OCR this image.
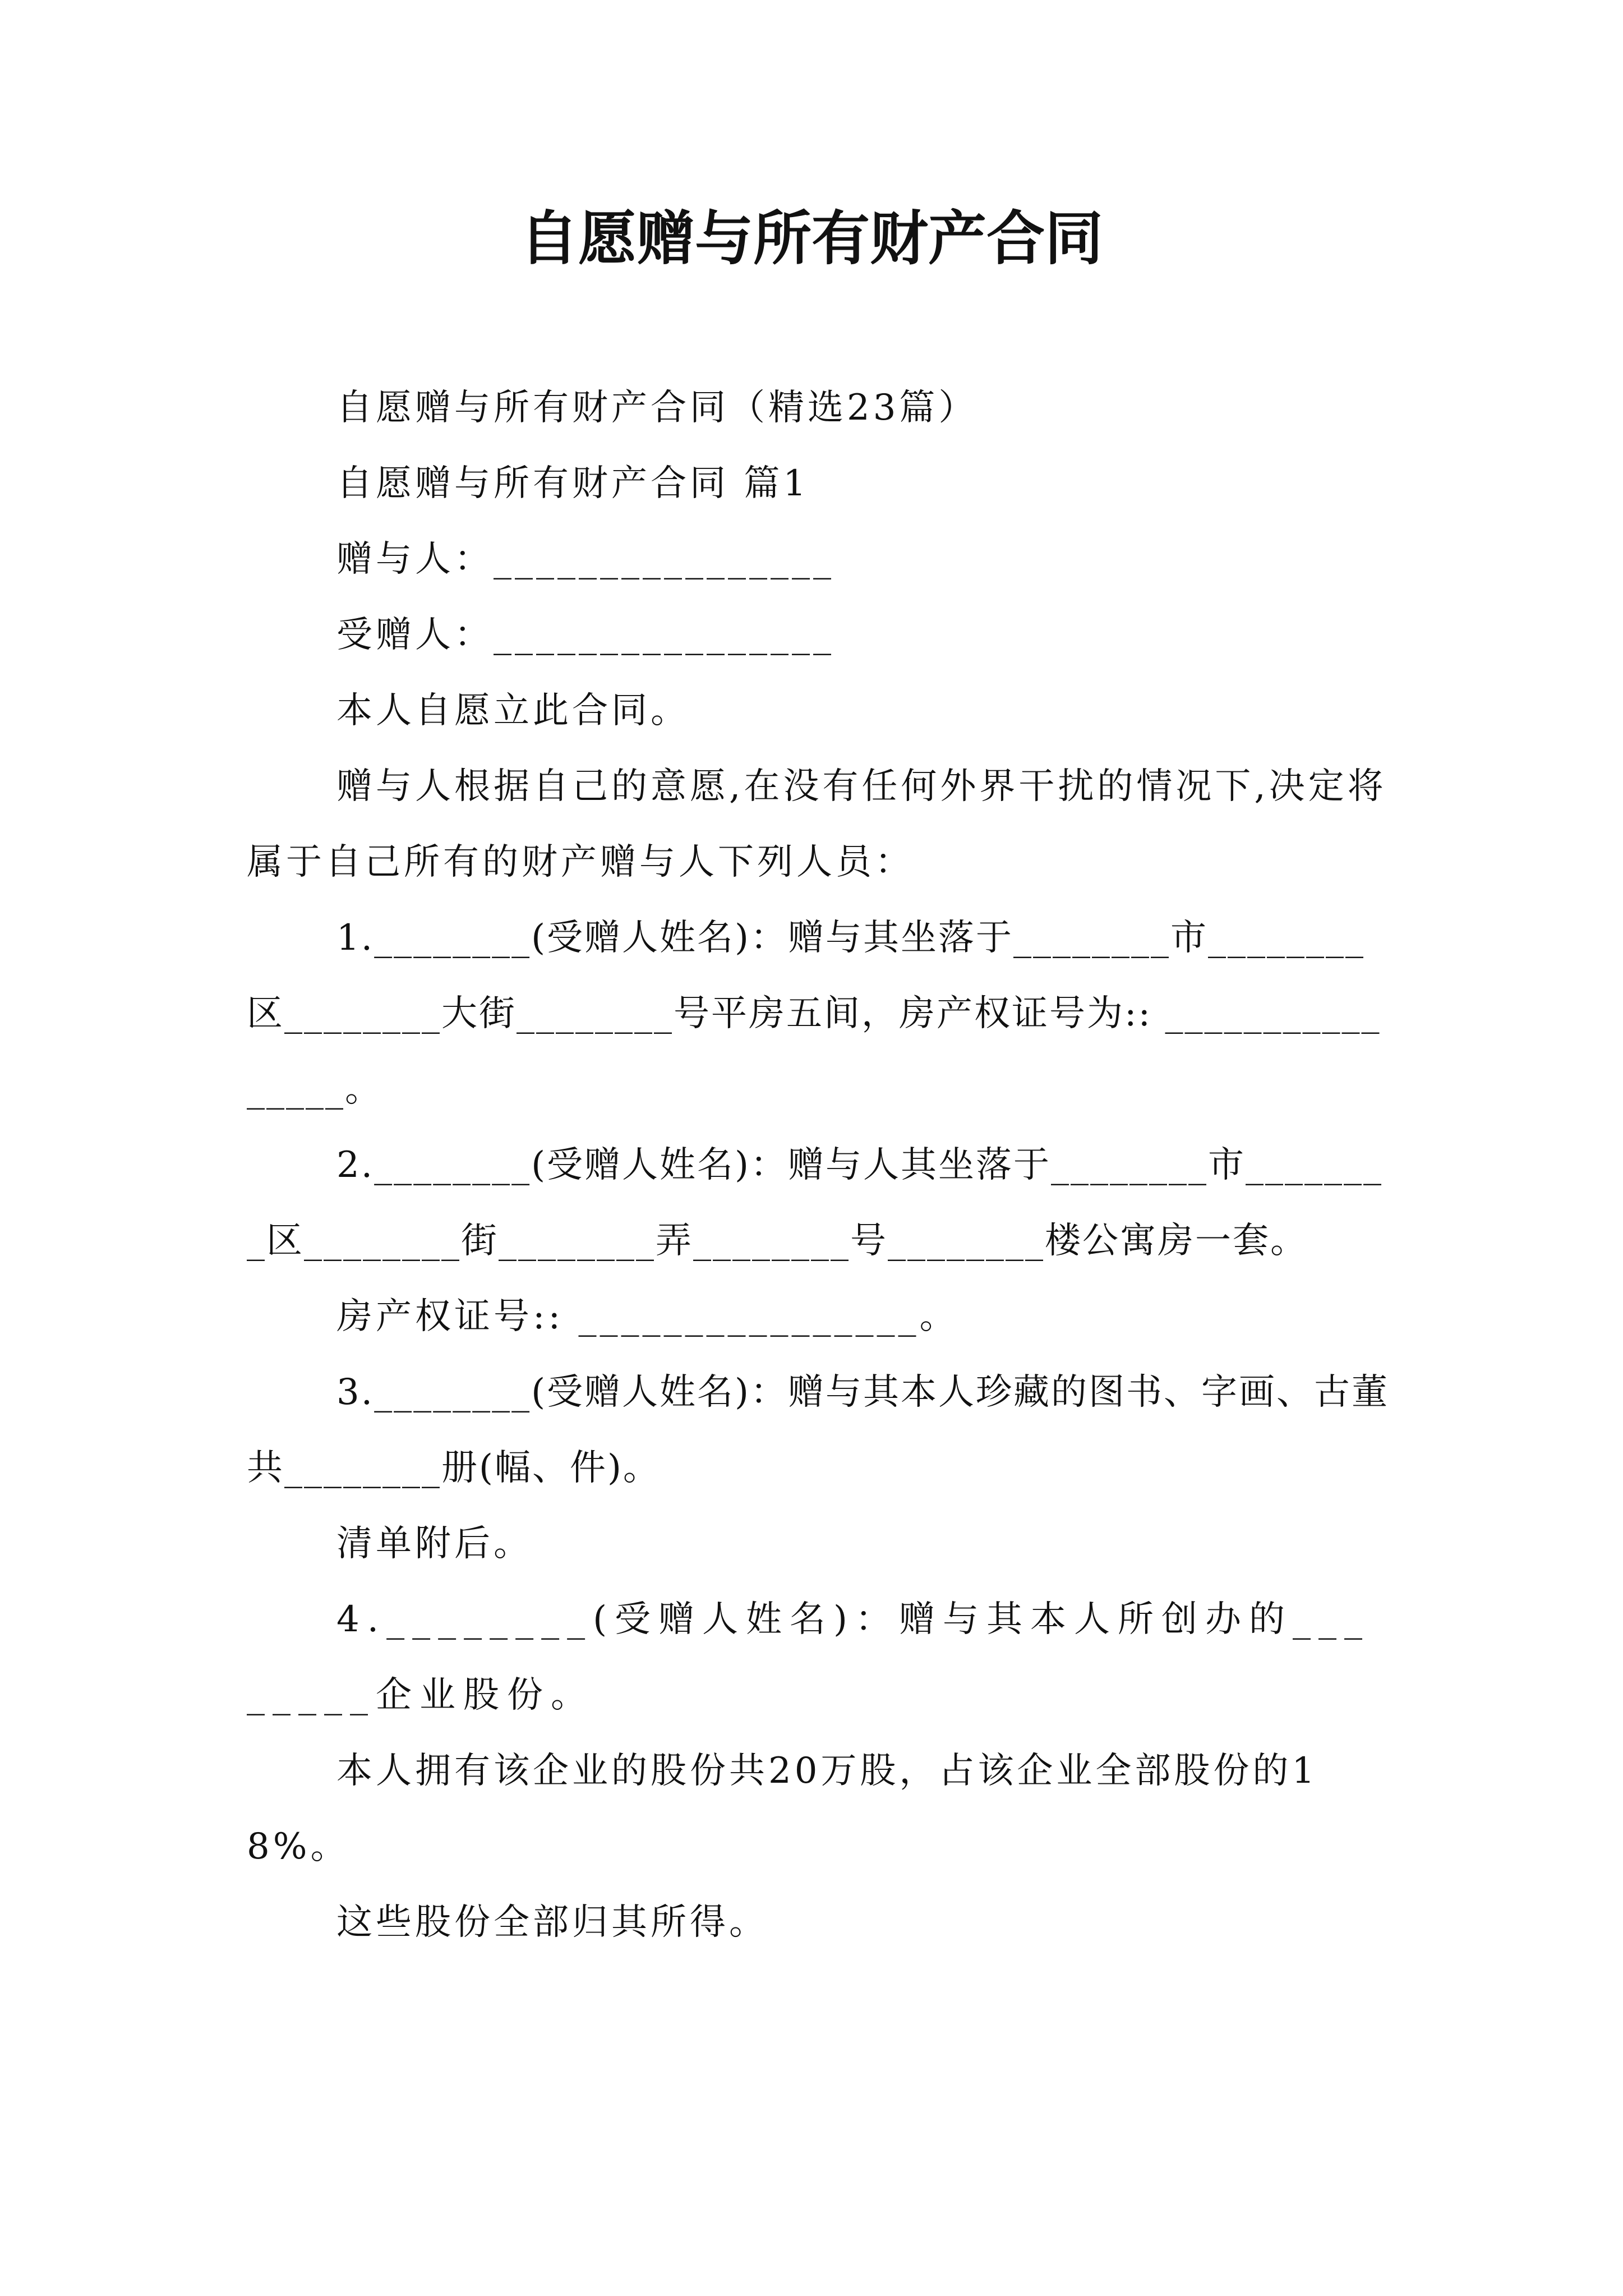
自愿赠与所有财产合同

自愿赠与所有财产合同（精选23篇）

自愿赠与所有财产合同 篇1

赠与人：________________

受赠人：________________

本人自愿立此合同。

赠与人根据自己的意愿,在没有任何外界干扰的情况下,决定将属于自己所有的财产赠与人下列人员：

1.________(受赠人姓名)：赠与其坐落于________市________区________大街________号平房五间，房产权证号为:: ________________。

2.________(受赠人姓名)：赠与人其坐落于________市________区________街________弄________号________楼公寓房一套。

房产权证号:: ________________。

3.________(受赠人姓名)：赠与其本人珍藏的图书、字画、古董共________册(幅、件)。

清单附后。

4.________(受赠人姓名)：赠与其本人所创办的________企业股份。

本人拥有该企业的股份共20万股，占该企业全部股份的18%。

这些股份全部归其所得。
